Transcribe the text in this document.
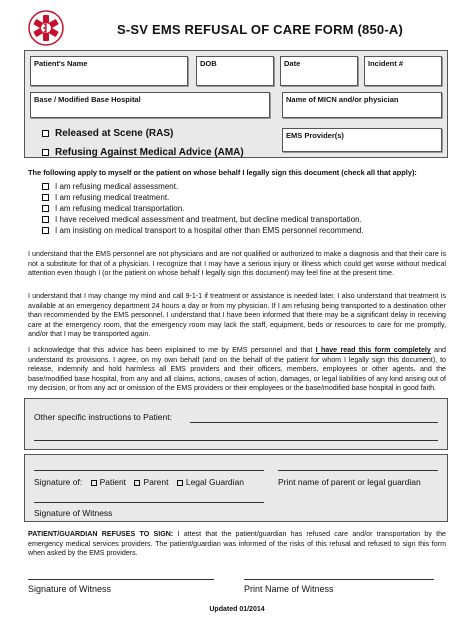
S-SV EMS REFUSAL OF CARE FORM (850-A)
Patient's Name	DOB	Date	Incident #
Base / Modified Base Hospital	Name of MICN and/or physician
EMS Provider(s)
Released at Scene (RAS)
Refusing Against Medical Advice (AMA)
The following apply to myself or the patient on whose behalf I legally sign this document (check all that apply):
I am refusing medical assessment.
I am refusing medical treatment.
I am refusing medical transportation.
I have received medical assessment and treatment, but decline medical transportation.
I am insisting on medical transport to a hospital other than EMS personnel recommend.
I understand that the EMS personnel are not physicians and are not qualified or authorized to make a diagnosis and that their care is not a substitute for that of a physician. I recognize that I may have a serious injury or illness which could get worse without medical attention even though I (or the patient on whose behalf I legally sign this document) may feel fine at the present time.
I understand that I may change my mind and call 9-1-1 if treatment or assistance is needed later. I also understand that treatment is available at an emergency department 24 hours a day or from my physician. If I am refusing being transported to a destination other than recommended by the EMS personnel, I understand that I have been informed that there may be a significant delay in receiving care at the emergency room, that the emergency room may lack the staff, equipment, beds or resources to care for me promptly, and/or that I may be transported again.
I acknowledge that this advice has been explained to me by EMS personnel and that I have read this form completely and understand its provisions. I agree, on my own behalf (and on the behalf of the patient for whom I legally sign this document), to release, indemnify and hold harmless all EMS providers and their officers, members, employees or other agents, and the base/modified base hospital, from any and all claims, actions, causes of action, damages, or legal liabilities of any kind arising out of my decision, or from any act or omission of the EMS providers or their employees or the base/modified base hospital in good faith.
Other specific instructions to Patient:
Signature of: Patient Parent Legal Guardian	Print name of parent or legal guardian
Signature of Witness
PATIENT/GUARDIAN REFUSES TO SIGN: I attest that the patient/guardian has refused care and/or transportation by the emergency medical services providers. The patient/guardian was informed of the risks of this refusal and refused to sign this form when asked by the EMS providers.
Signature of Witness	Print Name of Witness
Updated 01/2014
